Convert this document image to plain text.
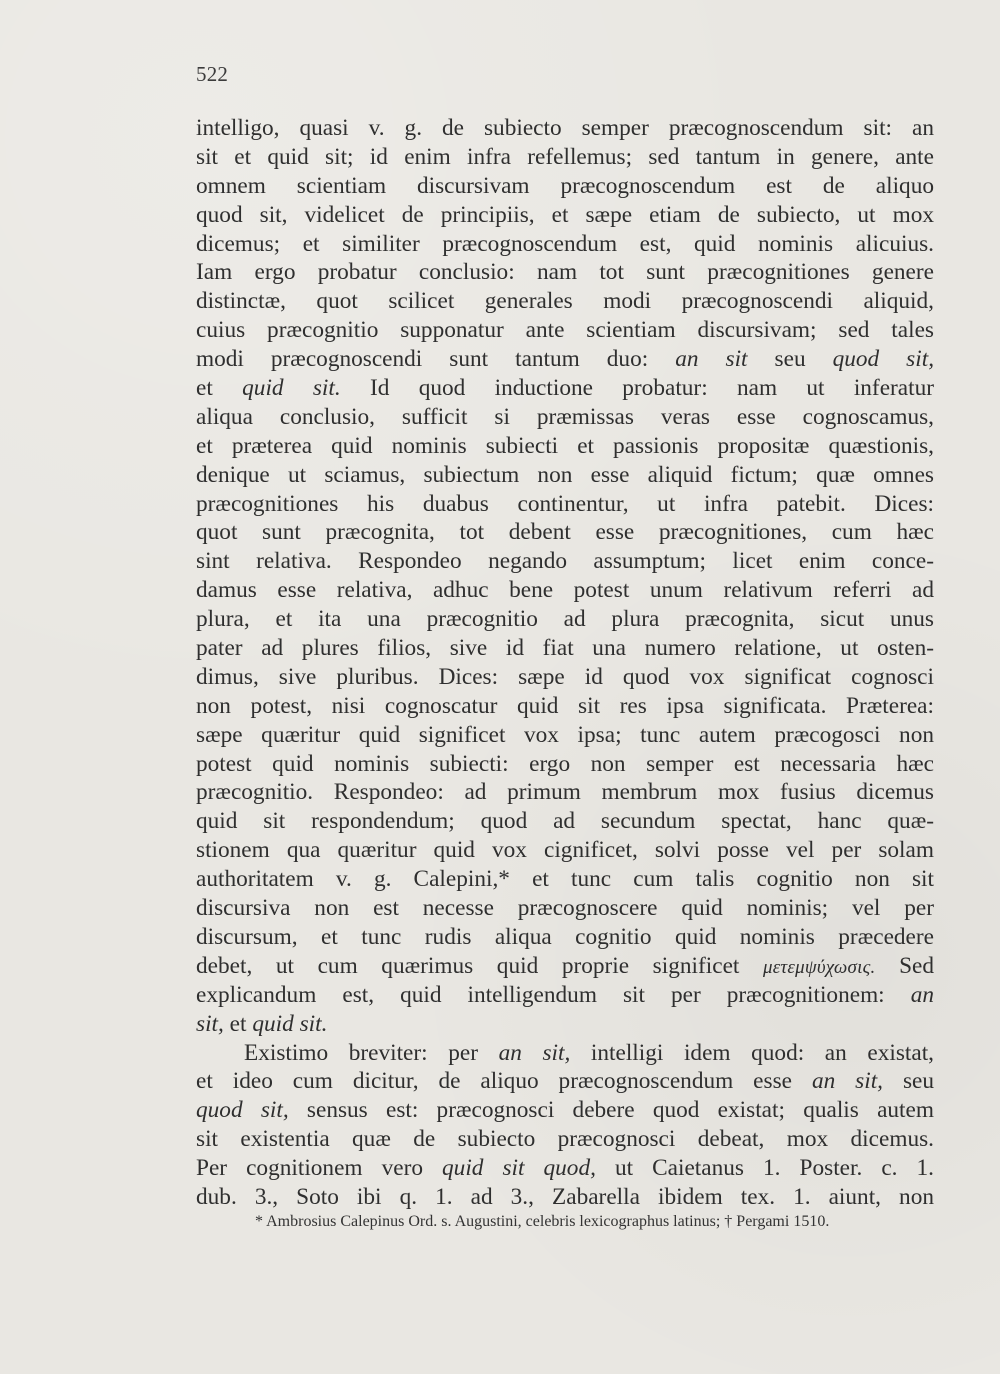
522
intelligo, quasi v. g. de subiecto semper præcognoscendum sit: an
sit et quid sit; id enim infra refellemus; sed tantum in genere, ante
omnem scientiam discursivam præcognoscendum est de aliquo
quod sit, videlicet de principiis, et sæpe etiam de subiecto, ut mox
dicemus; et similiter præcognoscendum est, quid nominis alicuius.
Iam ergo probatur conclusio: nam tot sunt præcognitiones genere
distinctæ, quot scilicet generales modi præcognoscendi aliquid,
cuius præcognitio supponatur ante scientiam discursivam; sed tales
modi præcognoscendi sunt tantum duo: an sit seu quod sit,
et quid sit. Id quod inductione probatur: nam ut inferatur
aliqua conclusio, sufficit si præmissas veras esse cognoscamus,
et præterea quid nominis subiecti et passionis propositæ quæstionis,
denique ut sciamus, subiectum non esse aliquid fictum; quæ omnes
præcognitiones his duabus continentur, ut infra patebit. Dices:
quot sunt præcognita, tot debent esse præcognitiones, cum hæc
sint relativa. Respondeo negando assumptum; licet enim conce-
damus esse relativa, adhuc bene potest unum relativum referri ad
plura, et ita una præcognitio ad plura præcognita, sicut unus
pater ad plures filios, sive id fiat una numero relatione, ut osten-
dimus, sive pluribus. Dices: sæpe id quod vox significat cognosci
non potest, nisi cognoscatur quid sit res ipsa significata. Præterea:
sæpe quæritur quid significet vox ipsa; tunc autem præcogosci non
potest quid nominis subiecti: ergo non semper est necessaria hæc
præcognitio. Respondeo: ad primum membrum mox fusius dicemus
quid sit respondendum; quod ad secundum spectat, hanc quæ-
stionem qua quæritur quid vox cignificet, solvi posse vel per solam
authoritatem v. g. Calepini,* et tunc cum talis cognitio non sit
discursiva non est necesse præcognoscere quid nominis; vel per
discursum, et tunc rudis aliqua cognitio quid nominis præcedere
debet, ut cum quærimus quid proprie significet μετεμψύχωσις. Sed
explicandum est, quid intelligendum sit per præcognitionem: an
sit, et quid sit.
Existimo breviter: per an sit, intelligi idem quod: an existat,
et ideo cum dicitur, de aliquo præcognoscendum esse an sit, seu
quod sit, sensus est: præcognosci debere quod existat; qualis autem
sit existentia quæ de subiecto præcognosci debeat, mox dicemus.
Per cognitionem vero quid sit quod, ut Caietanus 1. Poster. c. 1.
dub. 3., Soto ibi q. 1. ad 3., Zabarella ibidem tex. 1. aiunt, non
* Ambrosius Calepinus Ord. s. Augustini, celebris lexicographus latinus; † Pergami 1510.
